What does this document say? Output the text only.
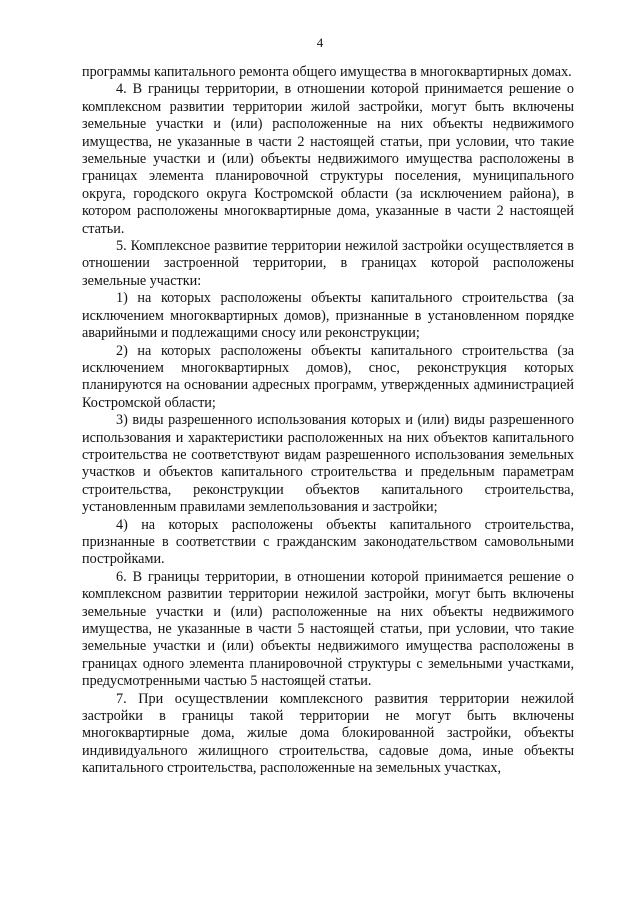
4

программы капитального ремонта общего имущества в многоквартирных домах.

4. В границы территории, в отношении которой принимается решение о комплексном развитии территории жилой застройки, могут быть включены земельные участки и (или) расположенные на них объекты недвижимого имущества, не указанные в части 2 настоящей статьи, при условии, что такие земельные участки и (или) объекты недвижимого имущества расположены в границах элемента планировочной структуры поселения, муниципального округа, городского округа Костромской области (за исключением района), в котором расположены многоквартирные дома, указанные в части 2 настоящей статьи.

5. Комплексное развитие территории нежилой застройки осуществляется в отношении застроенной территории, в границах которой расположены земельные участки:

1) на которых расположены объекты капитального строительства (за исключением многоквартирных домов), признанные в установленном порядке аварийными и подлежащими сносу или реконструкции;

2) на которых расположены объекты капитального строительства (за исключением многоквартирных домов), снос, реконструкция которых планируются на основании адресных программ, утвержденных администрацией Костромской области;

3) виды разрешенного использования которых и (или) виды разрешенного использования и характеристики расположенных на них объектов капитального строительства не соответствуют видам разрешенного использования земельных участков и объектов капитального строительства и предельным параметрам строительства, реконструкции объектов капитального строительства, установленным правилами землепользования и застройки;

4) на которых расположены объекты капитального строительства, признанные в соответствии с гражданским законодательством самовольными постройками.

6. В границы территории, в отношении которой принимается решение о комплексном развитии территории нежилой застройки, могут быть включены земельные участки и (или) расположенные на них объекты недвижимого имущества, не указанные в части 5 настоящей статьи, при условии, что такие земельные участки и (или) объекты недвижимого имущества расположены в границах одного элемента планировочной структуры с земельными участками, предусмотренными частью 5 настоящей статьи.

7. При осуществлении комплексного развития территории нежилой застройки в границы такой территории не могут быть включены многоквартирные дома, жилые дома блокированной застройки, объекты индивидуального жилищного строительства, садовые дома, иные объекты капитального строительства, расположенные на земельных участках,
